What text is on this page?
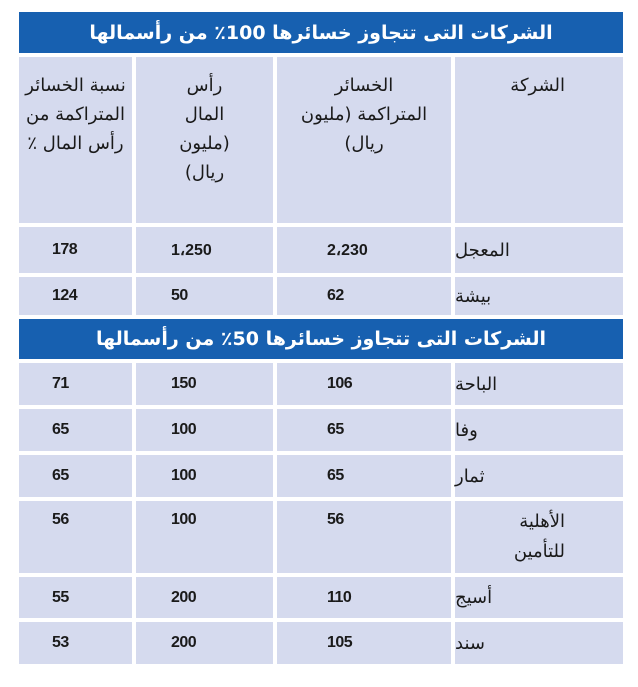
الشركات التى تتجاوز خسائرها 100٪ من رأسمالها
الشركة
الخسائر المتراكمة (مليون ريال)
رأس المال (مليون ريال)
نسبة الخسائر المتراكمة من رأس المال ٪
المعجل
2،230
1،250
178
بيشة
62
50
124
الشركات التى تتجاوز خسائرها 50٪ من رأسمالها
الباحة
106
150
71
وفا
65
100
65
ثمار
65
100
65
الأهلية للتأمين
56
100
56
أسيج
110
200
55
سند
105
200
53
